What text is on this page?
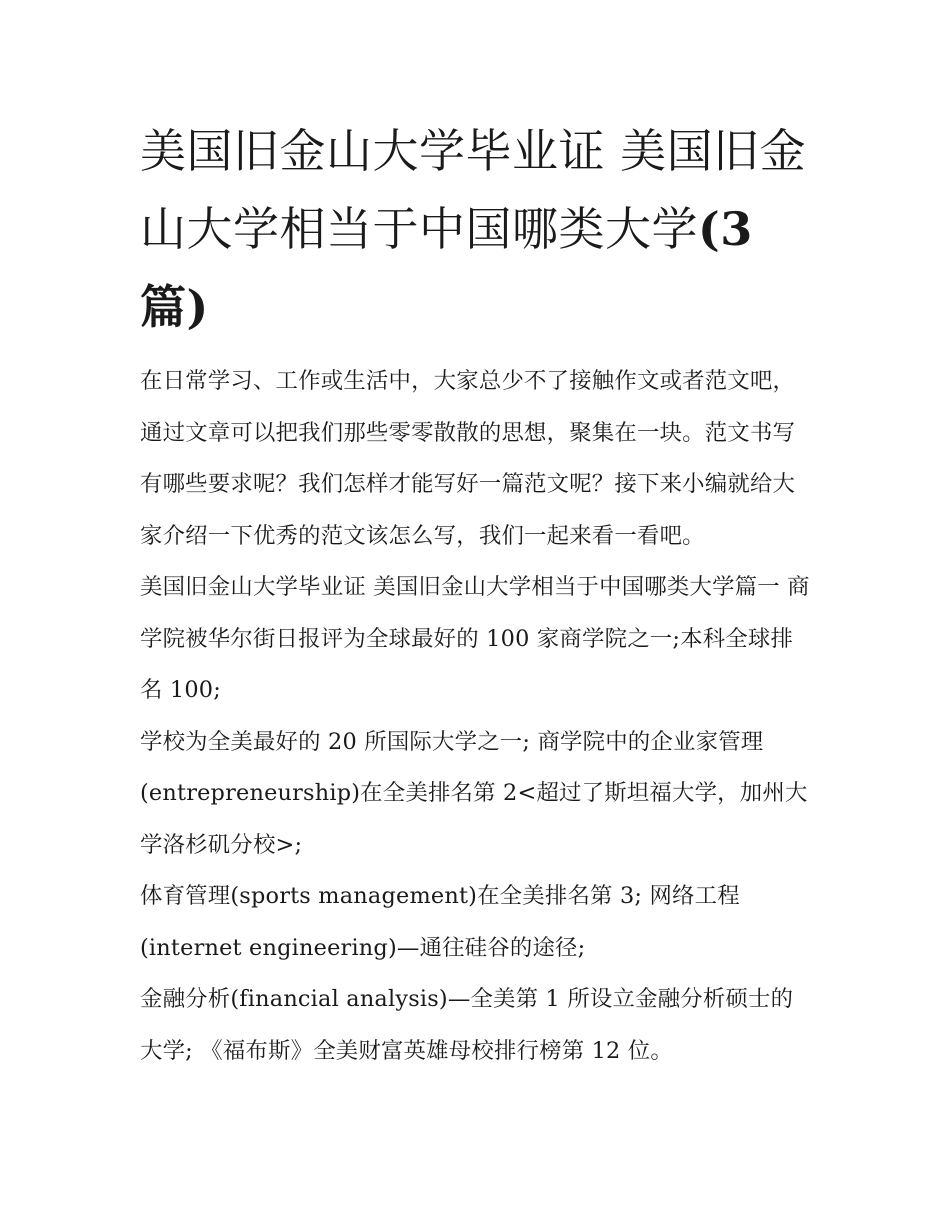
美国旧金山大学毕业证 美国旧金山大学相当于中国哪类大学(3 篇)

在日常学习、工作或生活中，大家总少不了接触作文或者范文吧，通过文章可以把我们那些零零散散的思想，聚集在一块。范文书写有哪些要求呢？我们怎样才能写好一篇范文呢？接下来小编就给大家介绍一下优秀的范文该怎么写，我们一起来看一看吧。

美国旧金山大学毕业证 美国旧金山大学相当于中国哪类大学篇一 商学院被华尔街日报评为全球最好的 100 家商学院之一;本科全球排名 100;

学校为全美最好的 20 所国际大学之一; 商学院中的企业家管理(entrepreneurship)在全美排名第 2<超过了斯坦福大学，加州大学洛杉矶分校>;

体育管理(sports management)在全美排名第 3; 网络工程(internet engineering)—通往硅谷的途径;

金融分析(financial analysis)—全美第 1 所设立金融分析硕士的大学; 《福布斯》全美财富英雄母校排行榜第 12 位。
